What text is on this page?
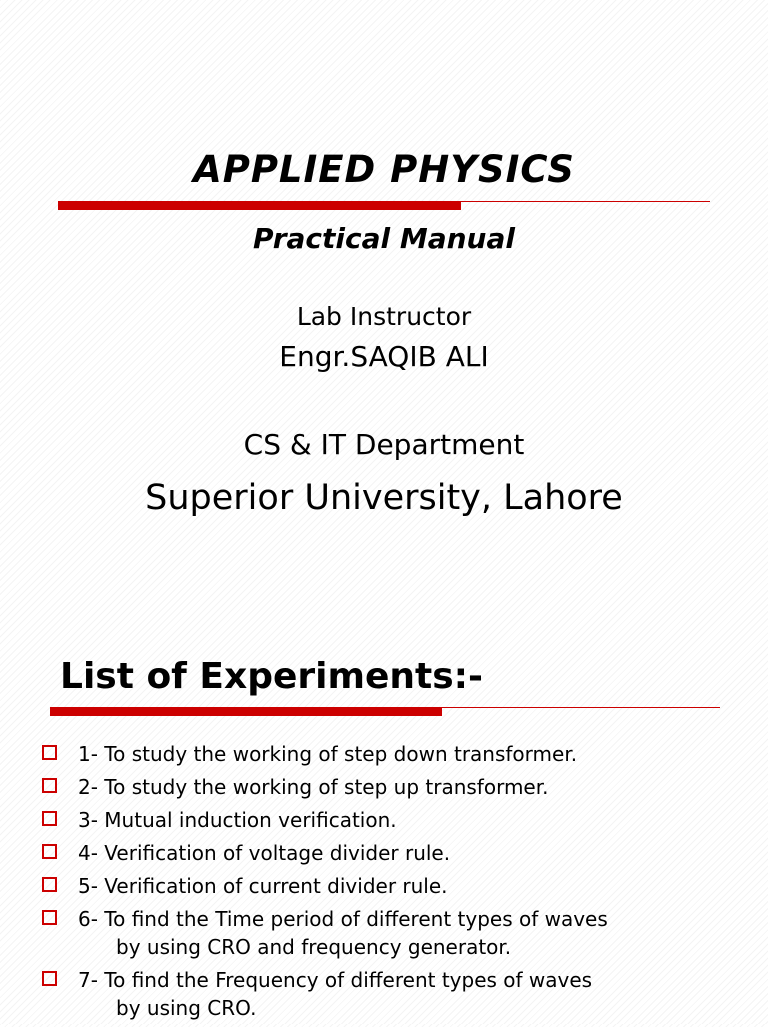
APPLIED PHYSICS
Practical Manual
Lab Instructor
Engr.SAQIB ALI
CS & IT Department
Superior University, Lahore
List of Experiments:-
1- To study the working of step down transformer.
2- To study the working of step up transformer.
3- Mutual induction verification.
4- Verification of voltage divider rule.
5- Verification of current divider rule.
6- To find the Time period of different types of waves
by using CRO and frequency generator.
7- To find the Frequency of different types of waves
by using CRO.
